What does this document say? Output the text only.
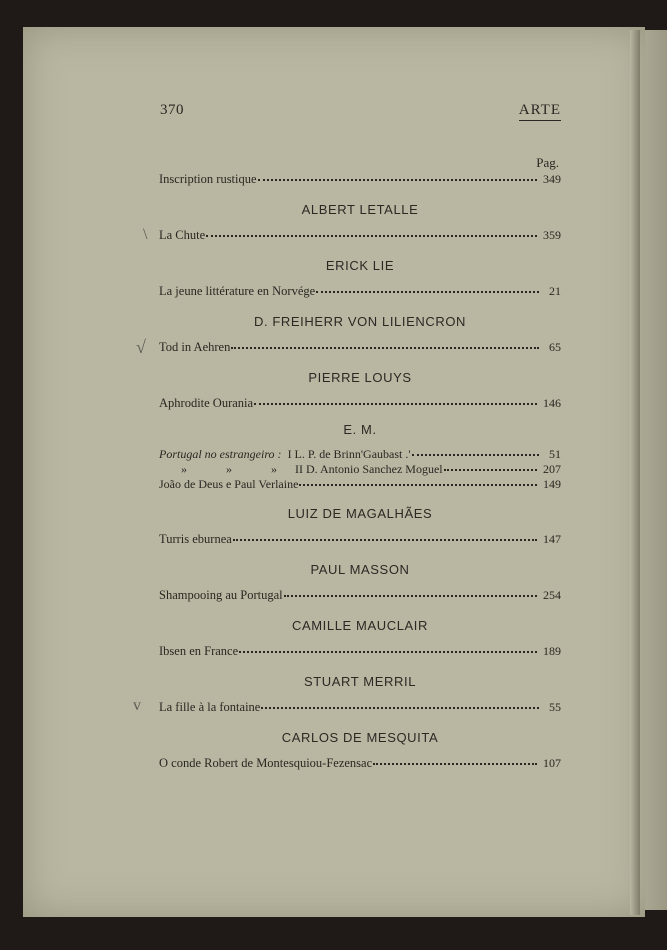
370	ARTE
\
√
v
Pag.
Inscription rustique	349
ALBERT LETALLE
La Chute	359
ERICK LIE
La jeune littérature en Norvége	21
D. FREIHERR VON LILIENCRON
Tod in Aehren	65
PIERRE LOUYS
Aphrodite Ourania	146
E. M.
Portugal no estrangeiro : I L. P. de Brinn'Gaubast .'	51
» » » II D. Antonio Sanchez Moguel	207
João de Deus e Paul Verlaine	149
LUIZ DE MAGALHÃES
Turris eburnea	147
PAUL MASSON
Shampooing au Portugal	254
CAMILLE MAUCLAIR
Ibsen en France	189
STUART MERRIL
La fille à la fontaine	55
CARLOS DE MESQUITA
O conde Robert de Montesquiou-Fezensac	107
